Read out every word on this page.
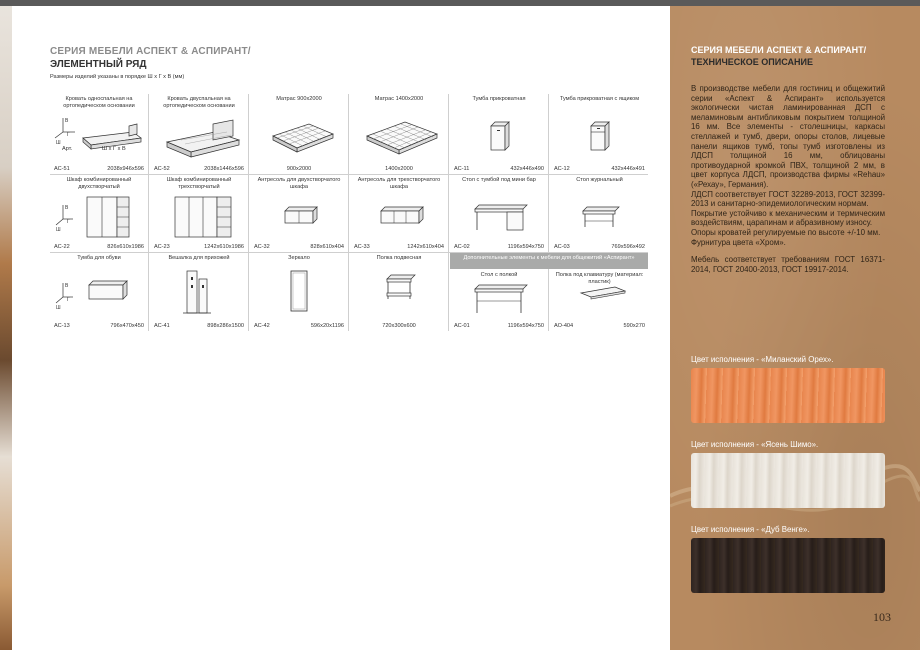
СЕРИЯ МЕБЕЛИ АСПЕКТ & АСПИРАНТ/
ЭЛЕМЕНТНЫЙ РЯД
Размеры изделий указаны в порядке Ш х Г х В (мм)
Кровать односпальная на ортопедическом основании
В
Г
Ш
Арт.	Ш х Г х В
АС-51	2038х946х596
Кровать двуспальная на ортопедическом основании
АС-52	2038х1446х596
Матрас 900х2000
900х2000
Матрас 1400х2000
1400х2000
Тумба прикроватная
АС-11	432х446х490
Тумба прикроватная с ящиком
АС-12	432х446х491
Шкаф комбинированный двухстворчатый
В
Г
Ш
АС-22	826х610х1986
Шкаф комбинированный трехстворчатый
АС-23	1242х610х1986
Антресоль для двухстворчатого шкафа
АС-32	828х610х404
Антресоль для трехстворчатого шкафа
АС-33	1242х610х404
Стол с тумбой под мини бар
АС-02	1196х594х750
Стол журнальный
АС-03	769х596х492
Тумба для обуви
В
Г
Ш
АС-13	796х470х450
Вешалка для прихожей
АС-41	898х286х1500
Зеркало
АС-42	596х20х1196
Полка подвесная
720х300х600
Стол с полкой
АС-01	1196х594х750
Полка под клавиатуру (материал: пластик)
АО-404	590х270
Дополнительные элементы к мебели для общежитий «Аспирант»
СЕРИЯ МЕБЕЛИ АСПЕКТ & АСПИРАНТ/
ТЕХНИЧЕСКОЕ ОПИСАНИЕ

В производстве мебели для гостиниц и общежитий серии «Аспект & Аспирант» используется экологически чистая ламинированная ДСП с меламиновым антибликовым покрытием толщиной 16 мм. Все элементы - столешницы, каркасы стеллажей и тумб, двери, опоры столов, лицевые панели ящиков тумб, топы тумб изготовлены из ЛДСП толщиной 16 мм, облицованы противоударной кромкой ПВХ, толщиной 2 мм, в цвет корпуса ЛДСП, производства фирмы «Rehau» («Рехау», Германия).

ЛДСП соответствует ГОСТ 32289-2013, ГОСТ 32399-2013 и санитарно-эпидемиологическим нормам.

Покрытие устойчиво к механическим и термическим воздействиям, царапинам и абразивному износу.

Опоры кроватей регулируемые по высоте +/-10 мм.

Фурнитура цвета «Хром».

Мебель соответствует требованиям ГОСТ 16371-2014, ГОСТ 20400-2013, ГОСТ 19917-2014.

Цвет исполнения - «Миланский Орех».
Цвет исполнения - «Ясень Шимо».
Цвет исполнения - «Дуб Венге».
103
